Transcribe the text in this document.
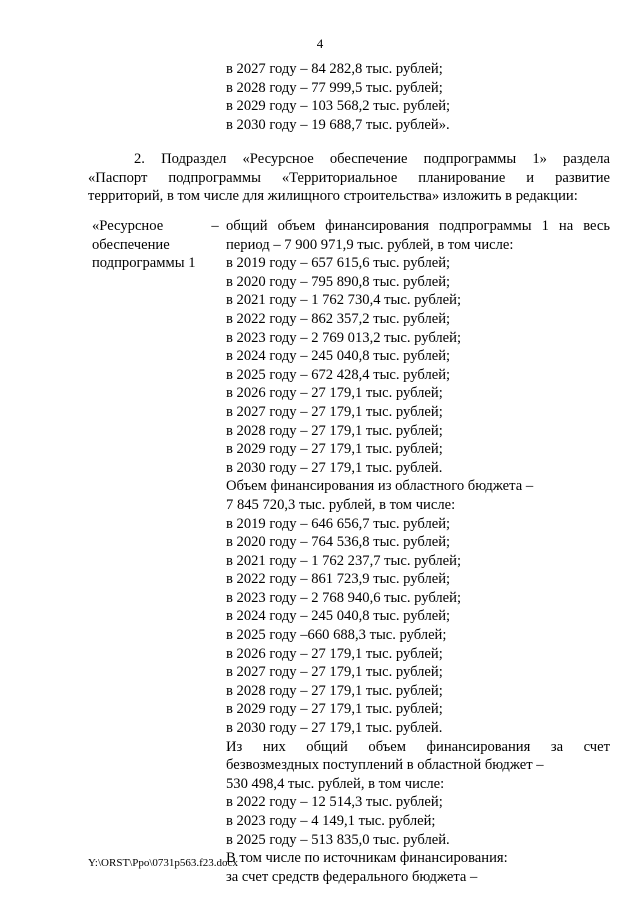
4
в 2027 году – 84 282,8 тыс. рублей;
в 2028 году – 77 999,5 тыс. рублей;
в 2029 году – 103 568,2 тыс. рублей;
в 2030 году – 19 688,7 тыс. рублей».
2. Подраздел «Ресурсное обеспечение подпрограммы 1» раздела
«Паспорт подпрограммы «Территориальное планирование и развитие
территорий, в том числе для жилищного строительства» изложить в редакции:
«Ресурсное
обеспечение
подпрограммы 1
– общий объем финансирования подпрограммы 1 на весь
период – 7 900 971,9 тыс. рублей, в том числе:
в 2019 году – 657 615,6 тыс. рублей;
в 2020 году – 795 890,8 тыс. рублей;
в 2021 году – 1 762 730,4 тыс. рублей;
в 2022 году – 862 357,2 тыс. рублей;
в 2023 году – 2 769 013,2 тыс. рублей;
в 2024 году – 245 040,8 тыс. рублей;
в 2025 году – 672 428,4 тыс. рублей;
в 2026 году – 27 179,1 тыс. рублей;
в 2027 году – 27 179,1 тыс. рублей;
в 2028 году – 27 179,1 тыс. рублей;
в 2029 году – 27 179,1 тыс. рублей;
в 2030 году – 27 179,1 тыс. рублей.
Объем финансирования из областного бюджета –
7 845 720,3 тыс. рублей, в том числе:
в 2019 году – 646 656,7 тыс. рублей;
в 2020 году – 764 536,8 тыс. рублей;
в 2021 году – 1 762 237,7 тыс. рублей;
в 2022 году – 861 723,9 тыс. рублей;
в 2023 году – 2 768 940,6 тыс. рублей;
в 2024 году – 245 040,8 тыс. рублей;
в 2025 году –660 688,3 тыс. рублей;
в 2026 году – 27 179,1 тыс. рублей;
в 2027 году – 27 179,1 тыс. рублей;
в 2028 году – 27 179,1 тыс. рублей;
в 2029 году – 27 179,1 тыс. рублей;
в 2030 году – 27 179,1 тыс. рублей.
Из них общий объем финансирования за счет
безвозмездных поступлений в областной бюджет –
530 498,4 тыс. рублей, в том числе:
в 2022 году – 12 514,3 тыс. рублей;
в 2023 году – 4 149,1 тыс. рублей;
в 2025 году – 513 835,0 тыс. рублей.
В том числе по источникам финансирования:
за счет средств федерального бюджета –
Y:\ORST\Ppo\0731p563.f23.docx
